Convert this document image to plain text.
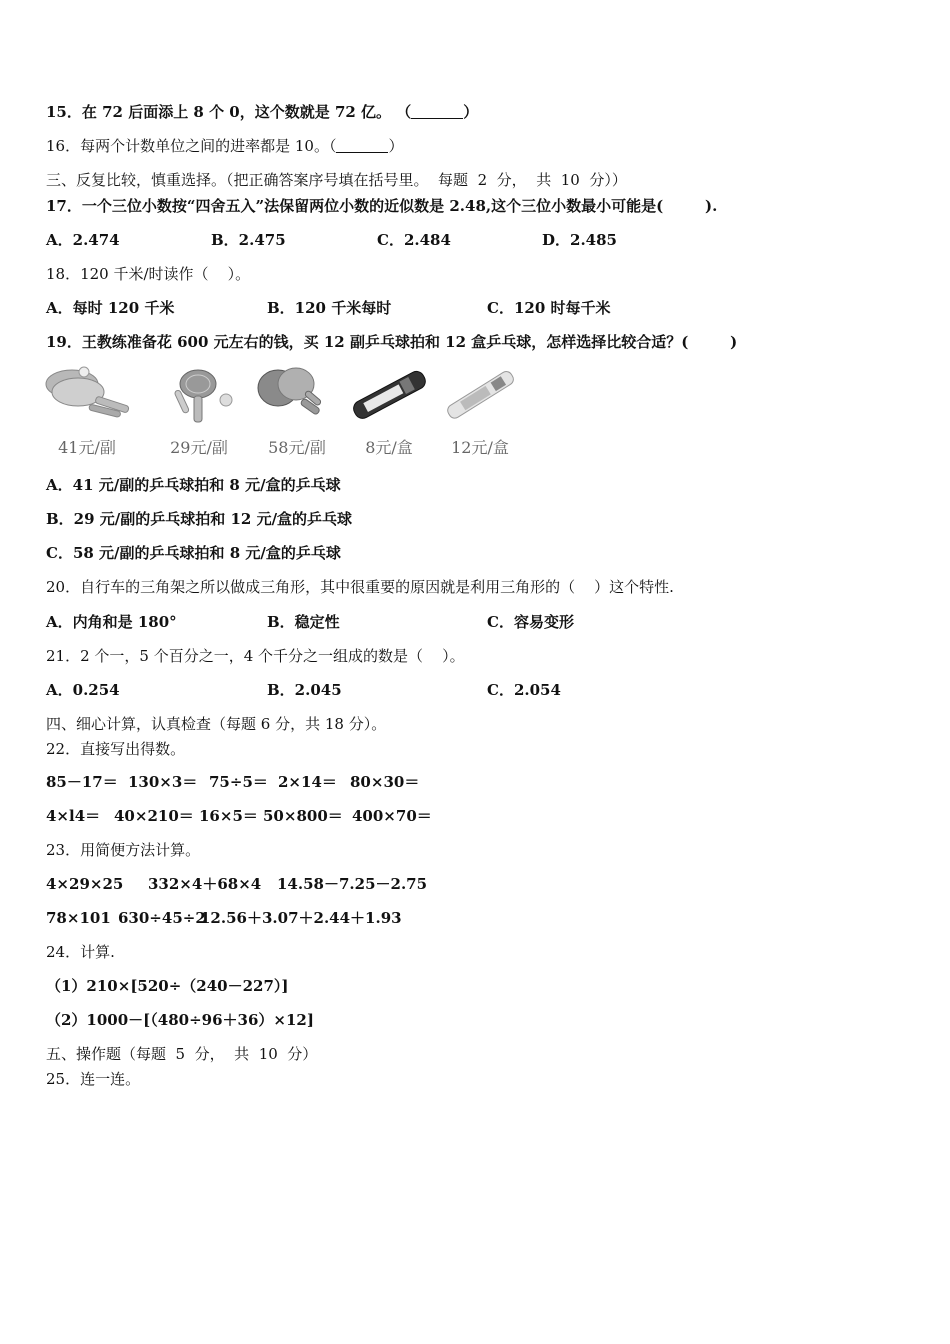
15．在 72 后面添上 8 个 0，这个数就是 72 亿。 （	）
16．每两个计数单位之间的进率都是 10。（	）
三、反复比较，慎重选择。（把正确答案序号填在括号里。  每题  2  分，  共  10  分））
17．一个三位小数按“四舍五入”法保留两位小数的近似数是 2.48,这个三位小数最小可能是(        ).
A．2.474	B．2.475	C．2.484	D．2.485
18．120 千米/时读作（    ）。
A．每时 120 千米	B．120 千米每时	C．120 时每千米
19．王教练准备花 600 元左右的钱，买 12 副乒乓球拍和 12 盒乒乓球，怎样选择比较合适？(        )
41元/副	29元/副	58元/副	8元/盒	12元/盒
A．41 元/副的乒乓球拍和 8 元/盒的乒乓球
B．29 元/副的乒乓球拍和 12 元/盒的乒乓球
C．58 元/副的乒乓球拍和 8 元/盒的乒乓球
20．自行车的三角架之所以做成三角形，其中很重要的原因就是利用三角形的（    ）这个特性.
A．内角和是 180°	B．稳定性	C．容易变形
21．2 个一，5 个百分之一，4 个千分之一组成的数是（    ）。
A．0.254	B．2.045	C．2.054
四、细心计算，认真检查（每题 6 分，共 18 分）。
22．直接写出得数。
85－17＝ 130×3＝ 75÷5＝ 2×14＝ 80×30＝
4×l4＝ 40×210＝ 16×5＝ 50×800＝ 400×70＝
23．用简便方法计算。
4×29×25 332×4＋68×4 14.58－7.25－2.75
78×101 630÷45÷2
12.56＋3.07＋2.44＋1.93
24．计算.
（1）210×[520÷（240－227）]
（2）1000－[（480÷96＋36）×12]
五、操作题（每题  5  分，  共  10  分）
25．连一连。
